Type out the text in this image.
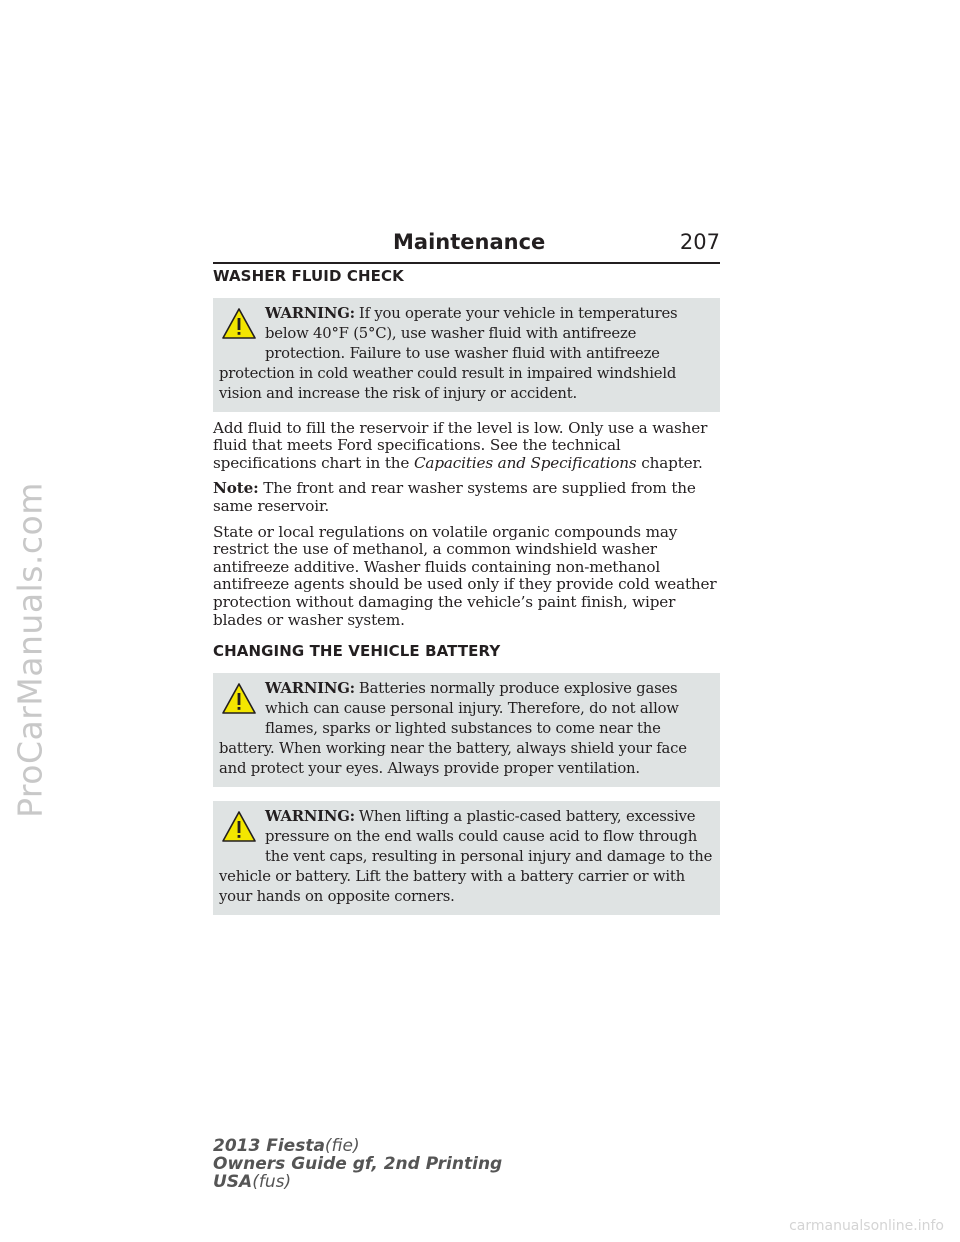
ProCarManuals.com
Maintenance	207
WASHER FLUID CHECK
WARNING: If you operate your vehicle in temperatures below 40°F (5°C), use washer fluid with antifreeze protection. Failure to use washer fluid with antifreeze protection in cold weather could result in impaired windshield vision and increase the risk of injury or accident.

Add fluid to fill the reservoir if the level is low. Only use a washer fluid that meets Ford specifications. See the technical specifications chart in the Capacities and Specifications chapter.

Note: The front and rear washer systems are supplied from the same reservoir.

State or local regulations on volatile organic compounds may restrict the use of methanol, a common windshield washer antifreeze additive. Washer fluids containing non-methanol antifreeze agents should be used only if they provide cold weather protection without damaging the vehicle’s paint finish, wiper blades or washer system.

CHANGING THE VEHICLE BATTERY
WARNING: Batteries normally produce explosive gases which can cause personal injury. Therefore, do not allow flames, sparks or lighted substances to come near the battery. When working near the battery, always shield your face and protect your eyes. Always provide proper ventilation.
WARNING: When lifting a plastic-cased battery, excessive pressure on the end walls could cause acid to flow through the vent caps, resulting in personal injury and damage to the vehicle or battery. Lift the battery with a battery carrier or with your hands on opposite corners.
2013 Fiesta(fie)
Owners Guide gf, 2nd Printing
USA(fus)
carmanualsonline.info
